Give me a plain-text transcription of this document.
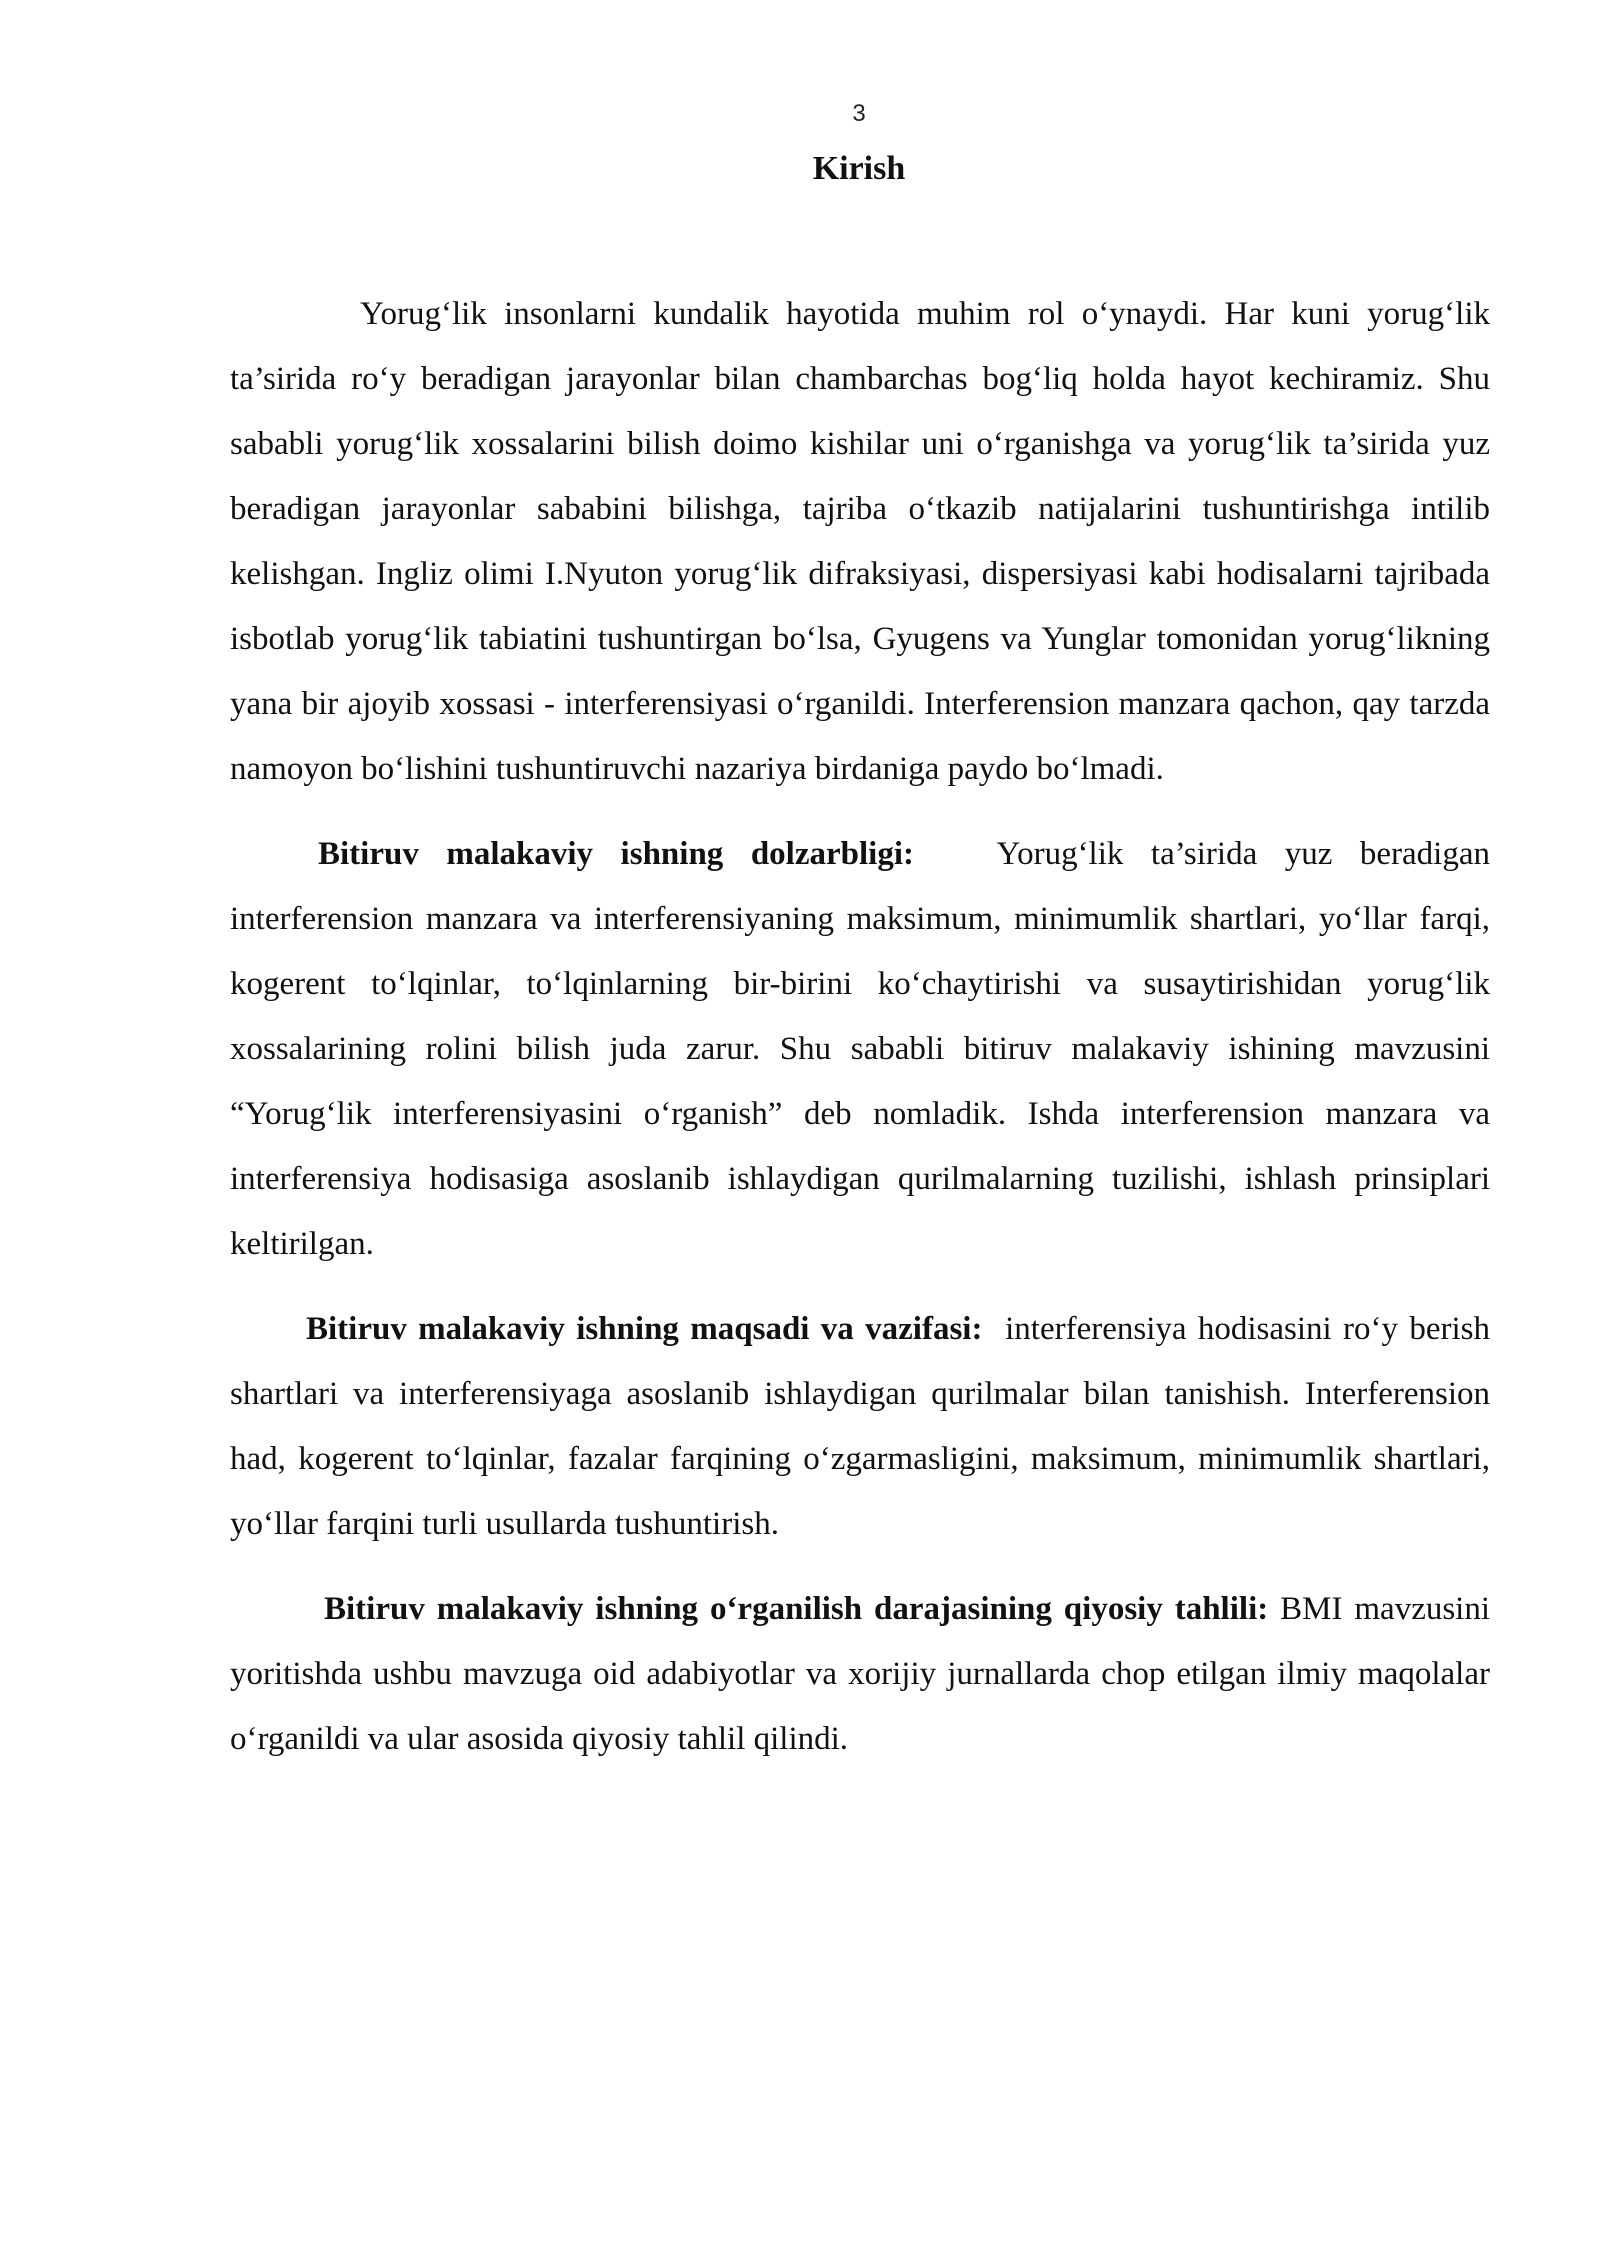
3
Kirish

Yorug‘lik insonlarni kundalik hayotida muhim rol o‘ynaydi. Har kuni yorug‘lik ta’sirida ro‘y beradigan jarayonlar bilan chambarchas bog‘liq holda hayot kechiramiz. Shu sababli yorug‘lik xossalarini bilish doimo kishilar uni o‘rganishga va yorug‘lik ta’sirida yuz beradigan jarayonlar sababini bilishga, tajriba o‘tkazib natijalarini tushuntirishga intilib kelishgan. Ingliz olimi I.Nyuton yorug‘lik difraksiyasi, dispersiyasi kabi hodisalarni tajribada isbotlab yorug‘lik tabiatini tushuntirgan bo‘lsa, Gyugens va Yunglar tomonidan yorug‘likning yana bir ajoyib xossasi - interferensiyasi o‘rganildi. Interferension manzara qachon, qay tarzda namoyon bo‘lishini tushuntiruvchi nazariya birdaniga paydo bo‘lmadi.

Bitiruv malakaviy ishning dolzarbligi:	Yorug‘lik ta’sirida yuz beradigan interferension manzara va interferensiyaning maksimum, minimumlik shartlari, yo‘llar farqi, kogerent to‘lqinlar, to‘lqinlarning bir-birini ko‘chaytirishi va susaytirishidan yorug‘lik xossalarining rolini bilish juda zarur. Shu sababli bitiruv malakaviy ishining mavzusini “Yorug‘lik interferensiyasini o‘rganish” deb nomladik. Ishda interferension manzara va interferensiya hodisasiga asoslanib ishlaydigan qurilmalarning tuzilishi, ishlash prinsiplari keltirilgan.

Bitiruv malakaviy ishning maqsadi va vazifasi: interferensiya hodisasini ro‘y berish shartlari va interferensiyaga asoslanib ishlaydigan qurilmalar bilan tanishish. Interferension had, kogerent to‘lqinlar, fazalar farqining o‘zgarmasligini, maksimum, minimumlik shartlari, yo‘llar farqini turli usullarda tushuntirish.

Bitiruv malakaviy ishning o‘rganilish darajasining qiyosiy tahlili: BMI mavzusini yoritishda ushbu mavzuga oid adabiyotlar va xorijiy jurnallarda chop etilgan ilmiy maqolalar o‘rganildi va ular asosida qiyosiy tahlil qilindi.
